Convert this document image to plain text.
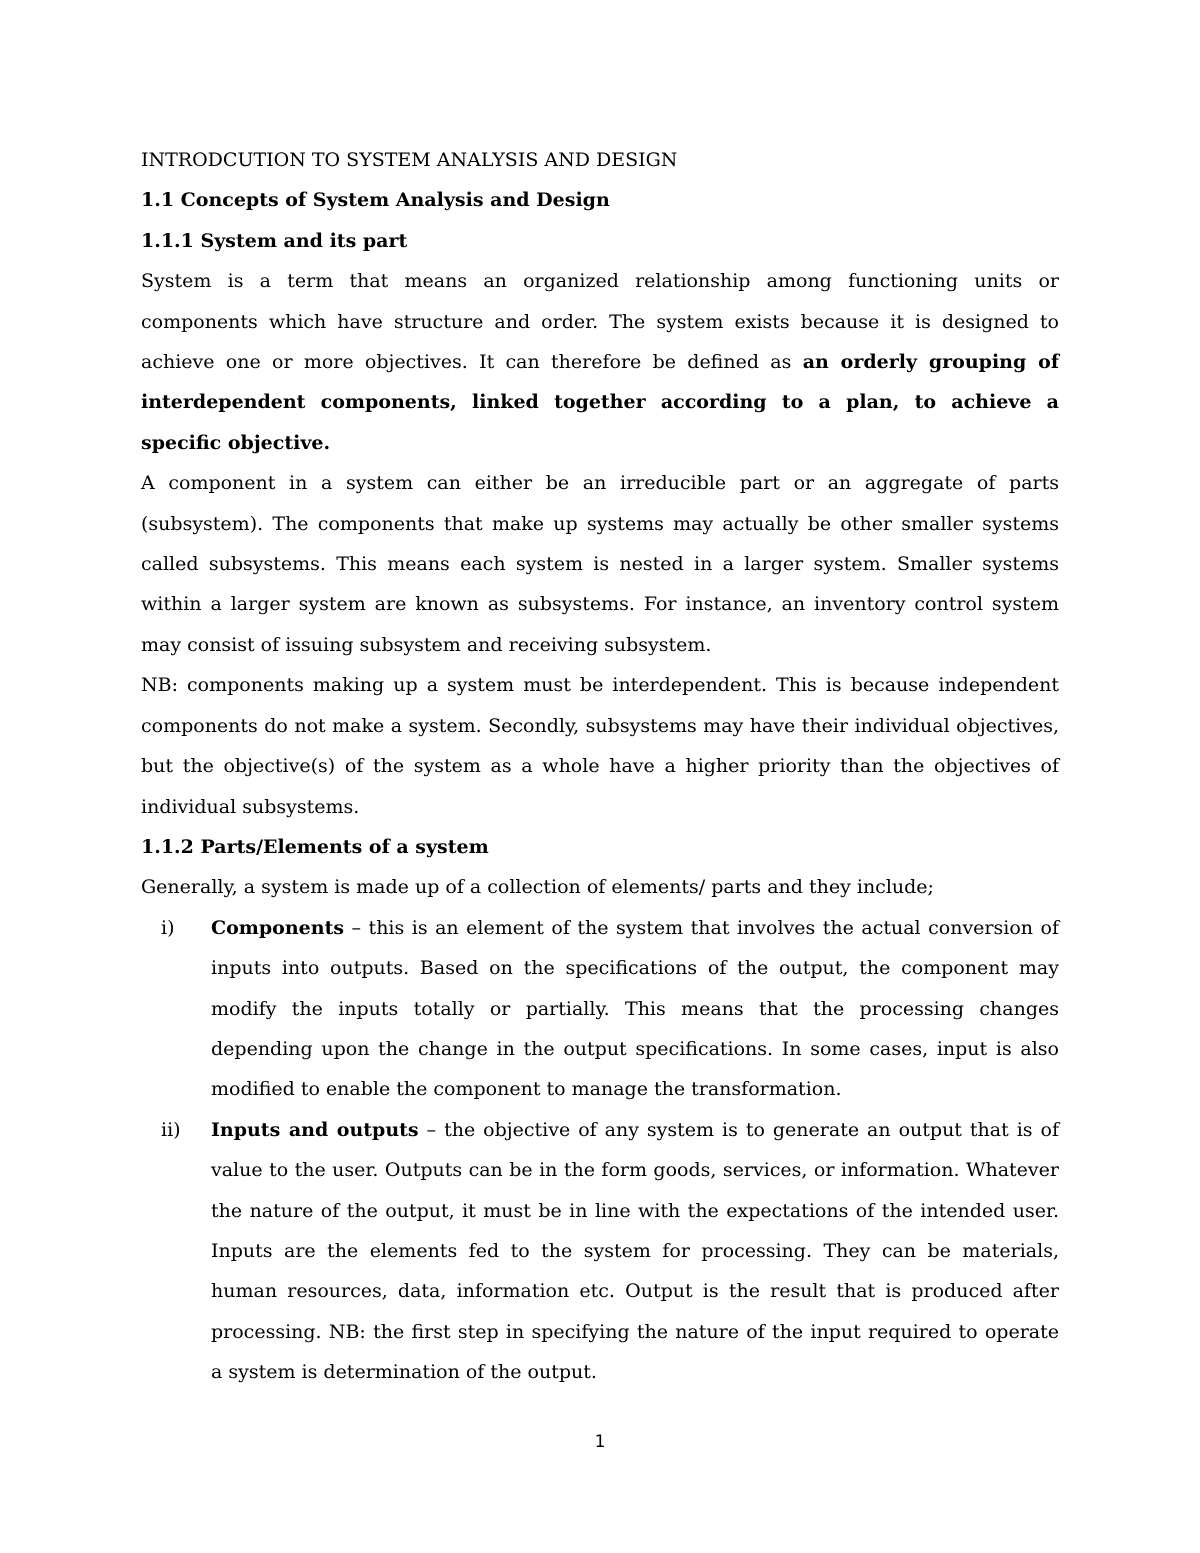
INTRODCUTION TO SYSTEM ANALYSIS AND DESIGN
1.1 Concepts of System Analysis and Design
1.1.1 System and its part

System is a term that means an organized relationship among functioning units or components which have structure and order. The system exists because it is designed to achieve one or more objectives. It can therefore be defined as an orderly grouping of interdependent components, linked together according to a plan, to achieve a specific objective.

A component in a system can either be an irreducible part or an aggregate of parts (subsystem). The components that make up systems may actually be other smaller systems called subsystems. This means each system is nested in a larger system. Smaller systems within a larger system are known as subsystems. For instance, an inventory control system may consist of issuing subsystem and receiving subsystem.

NB: components making up a system must be interdependent. This is because independent components do not make a system. Secondly, subsystems may have their individual objectives, but the objective(s) of the system as a whole have a higher priority than the objectives of individual subsystems.

1.1.2 Parts/Elements of a system

Generally, a system is made up of a collection of elements/ parts and they include;

i) Components – this is an element of the system that involves the actual conversion of inputs into outputs. Based on the specifications of the output, the component may modify the inputs totally or partially. This means that the processing changes depending upon the change in the output specifications. In some cases, input is also modified to enable the component to manage the transformation.
ii) Inputs and outputs – the objective of any system is to generate an output that is of value to the user. Outputs can be in the form goods, services, or information. Whatever the nature of the output, it must be in line with the expectations of the intended user. Inputs are the elements fed to the system for processing. They can be materials, human resources, data, information etc. Output is the result that is produced after processing. NB: the first step in specifying the nature of the input required to operate a system is determination of the output.
1
